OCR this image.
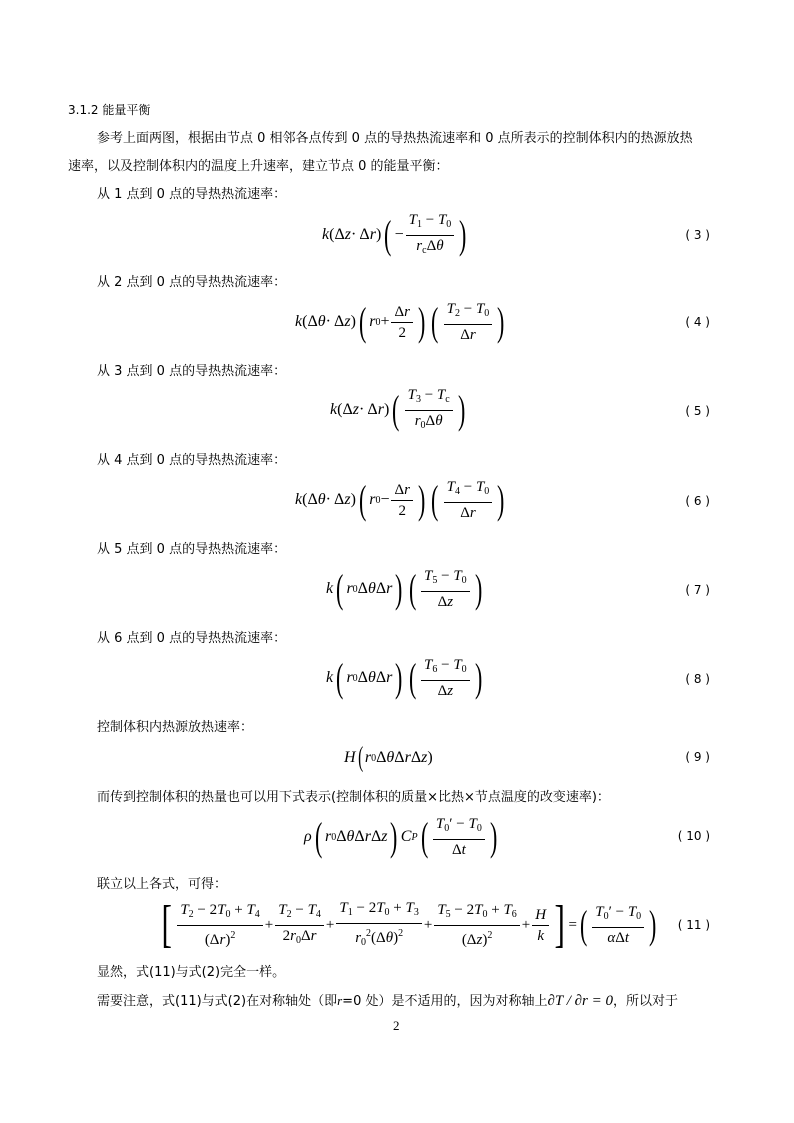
3.1.2 能量平衡
参考上面两图，根据由节点 0 相邻各点传到 0 点的导热热流速率和 0 点所表示的控制体积内的热源放热
速率，以及控制体积内的温度上升速率，建立节点 0 的能量平衡：
从 1 点到 0 点的导热热流速率：
k (Δ z · Δ r ) ( − $\frac{T_1 - T_0}{r_c\Delta\theta}$ )	( 3 )
从 2 点到 0 点的导热热流速率：
k (Δ θ · Δ z ) ( r $0 + \frac{\Delta r}{2}$ ) ( $\frac{T_2 - T_0}{\Delta r}$ )	( 4 )
从 3 点到 0 点的导热热流速率：
k (Δ z · Δ r ) ( $\frac{T_3 - T_c}{r_0\Delta\theta}$ )	( 5 )
从 4 点到 0 点的导热热流速率：
k (Δ θ · Δ z ) ( r $0 - \frac{\Delta r}{2}$ ) ( $\frac{T_4 - T_0}{\Delta r}$ )	( 6 )
从 5 点到 0 点的导热热流速率：
k ( r 0 Δ θ Δ r ) ( $\frac{T_5 - T_0}{\Delta z}$ )	( 7 )
从 6 点到 0 点的导热热流速率：
k ( r 0 Δ θ Δ r ) ( $\frac{T_6 - T_0}{\Delta z}$ )	( 8 )
控制体积内热源放热速率：
H ( r 0 Δ θ Δ r Δ z )	( 9 )
而传到控制体积的热量也可以用下式表示(控制体积的质量×比热×节点温度的改变速率)：
ρ ( r 0 Δ θ Δ r Δ z ) C P ( $\frac{T_0' - T_0}{\Delta t}$ )	( 10 )
联立以上各式，可得：
[ $\frac{T_2 - 2T_0 + T_4}{(\Delta r)^2} + \frac{T_2 - T_4}{2r_0\Delta r} + \frac{T_1 - 2T_0 + T_3}{r_0^2(\Delta\theta)^2} + \frac{T_5 - 2T_0 + T_6}{(\Delta z)^2} + \frac{H}{k}$ ] = ( $\frac{T_0' - T_0}{\text{αΔt}}$ ) ( 11 )
显然，式(11)与式(2)完全一样。
需要注意，式(11)与式(2)在对称轴处（即r=0 处）是不适用的，因为对称轴上∂T / ∂r = 0，所以对于
2
